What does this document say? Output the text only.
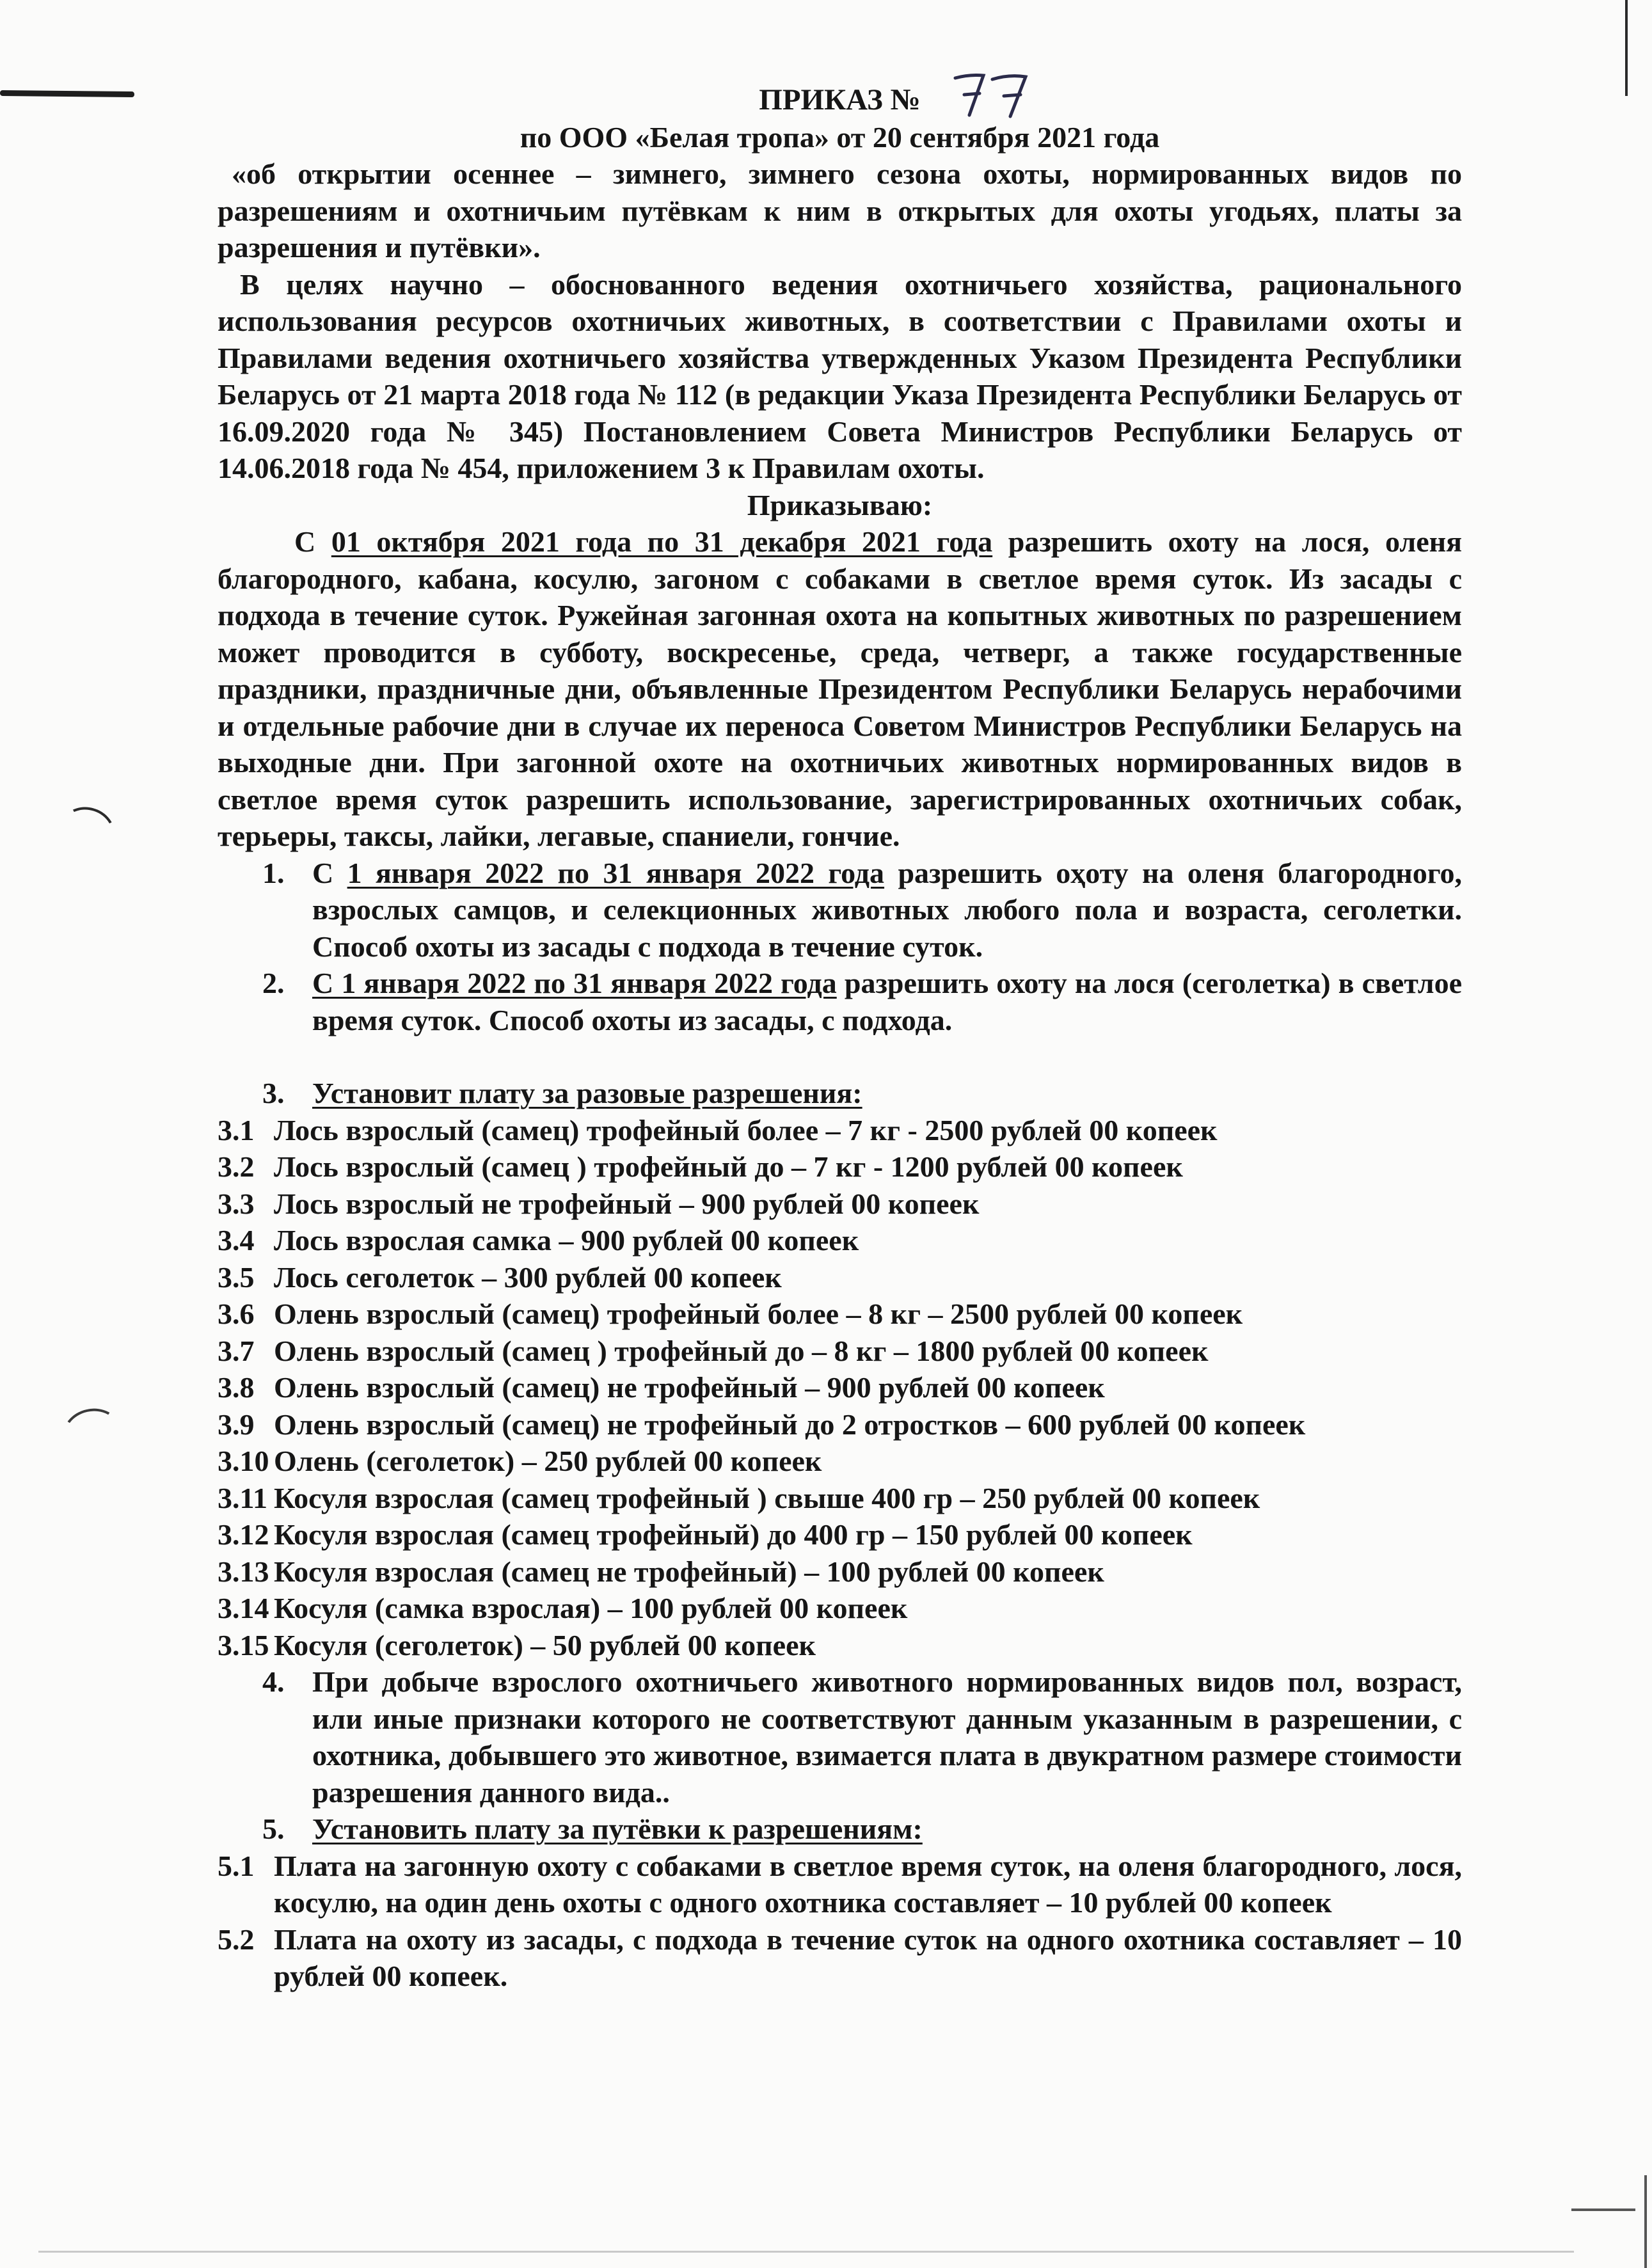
ПРИКАЗ №
по ООО «Белая тропа» от 20 сентября 2021 года
«об открытии осеннее – зимнего, зимнего сезона охоты, нормированных видов по разрешениям и охотничьим путёвкам к ним в открытых для охоты угодьях, платы за разрешения и путёвки».
В целях научно – обоснованного ведения охотничьего хозяйства, рационального использования ресурсов охотничьих животных, в соответствии с Правилами охоты и Правилами ведения охотничьего хозяйства утвержденных Указом Президента Республики Беларусь от 21 марта 2018 года № 112 (в редакции Указа Президента Республики Беларусь от 16.09.2020 года № 345) Постановлением Совета Министров Республики Беларусь от 14.06.2018 года № 454, приложением 3 к Правилам охоты.
Приказываю:
С 01 октября 2021 года по 31 декабря 2021 года разрешить охоту на лося, оленя благородного, кабана, косулю, загоном с собаками в светлое время суток. Из засады с подхода в течение суток. Ружейная загонная охота на копытных животных по разрешением может проводится в субботу, воскресенье, среда, четверг, а также государственные праздники, праздничные дни, объявленные Президентом Республики Беларусь нерабочими и отдельные рабочие дни в случае их переноса Советом Министров Республики Беларусь на выходные дни. При загонной охоте на охотничьих животных нормированных видов в светлое время суток разрешить использование, зарегистрированных охотничьих собак, терьеры, таксы, лайки, легавые, спаниели, гончие.
1. С 1 января 2022 по 31 января 2022 года разрешить оҳоту на оленя благородного, взрослых самцов, и селекционных животных любого пола и возраста, сеголетки. Способ охоты из засады с подхода в течение суток.
2. С 1 января 2022 по 31 января 2022 года разрешить охоту на лося (сеголетка) в светлое время суток. Способ охоты из засады, с подхода.
3. Установит плату за разовые разрешения:
3.1 Лось взрослый (самец) трофейный более – 7 кг - 2500 рублей 00 копеек
3.2 Лось взрослый (самец ) трофейный до – 7 кг - 1200 рублей 00 копеек
3.3 Лось взрослый не трофейный – 900 рублей 00 копеек
3.4 Лось взрослая самка – 900 рублей 00 копеек
3.5 Лось сеголеток – 300 рублей 00 копеек
3.6 Олень взрослый (самец) трофейный более – 8 кг – 2500 рублей 00 копеек
3.7 Олень взрослый (самец ) трофейный до – 8 кг – 1800 рублей 00 копеек
3.8 Олень взрослый (самец) не трофейный – 900 рублей 00 копеек
3.9 Олень взрослый (самец) не трофейный до 2 отростков – 600 рублей 00 копеек
3.10 Олень (сеголеток) – 250 рублей 00 копеек
3.11 Косуля взрослая (самец трофейный ) свыше 400 гр – 250 рублей 00 копеек
3.12 Косуля взрослая (самец трофейный) до 400 гр – 150 рублей 00 копеек
3.13 Косуля взрослая (самец не трофейный) – 100 рублей 00 копеек
3.14 Косуля (самка взрослая) – 100 рублей 00 копеек
3.15 Косуля (сеголеток) – 50 рублей 00 копеек
4. При добыче взрослого охотничьего животного нормированных видов пол, возраст, или иные признаки которого не соответствуют данным указанным в разрешении, с охотника, добывшего это животное, взимается плата в двукратном размере стоимости разрешения данного вида..
5. Установить плату за путёвки к разрешениям:
5.1 Плата на загонную охоту с собаками в светлое время суток, на оленя благородного, лося, косулю, на один день охоты с одного охотника составляет – 10 рублей 00 копеек
5.2 Плата на охоту из засады, с подхода в течение суток на одного охотника составляет – 10 рублей 00 копеек.
